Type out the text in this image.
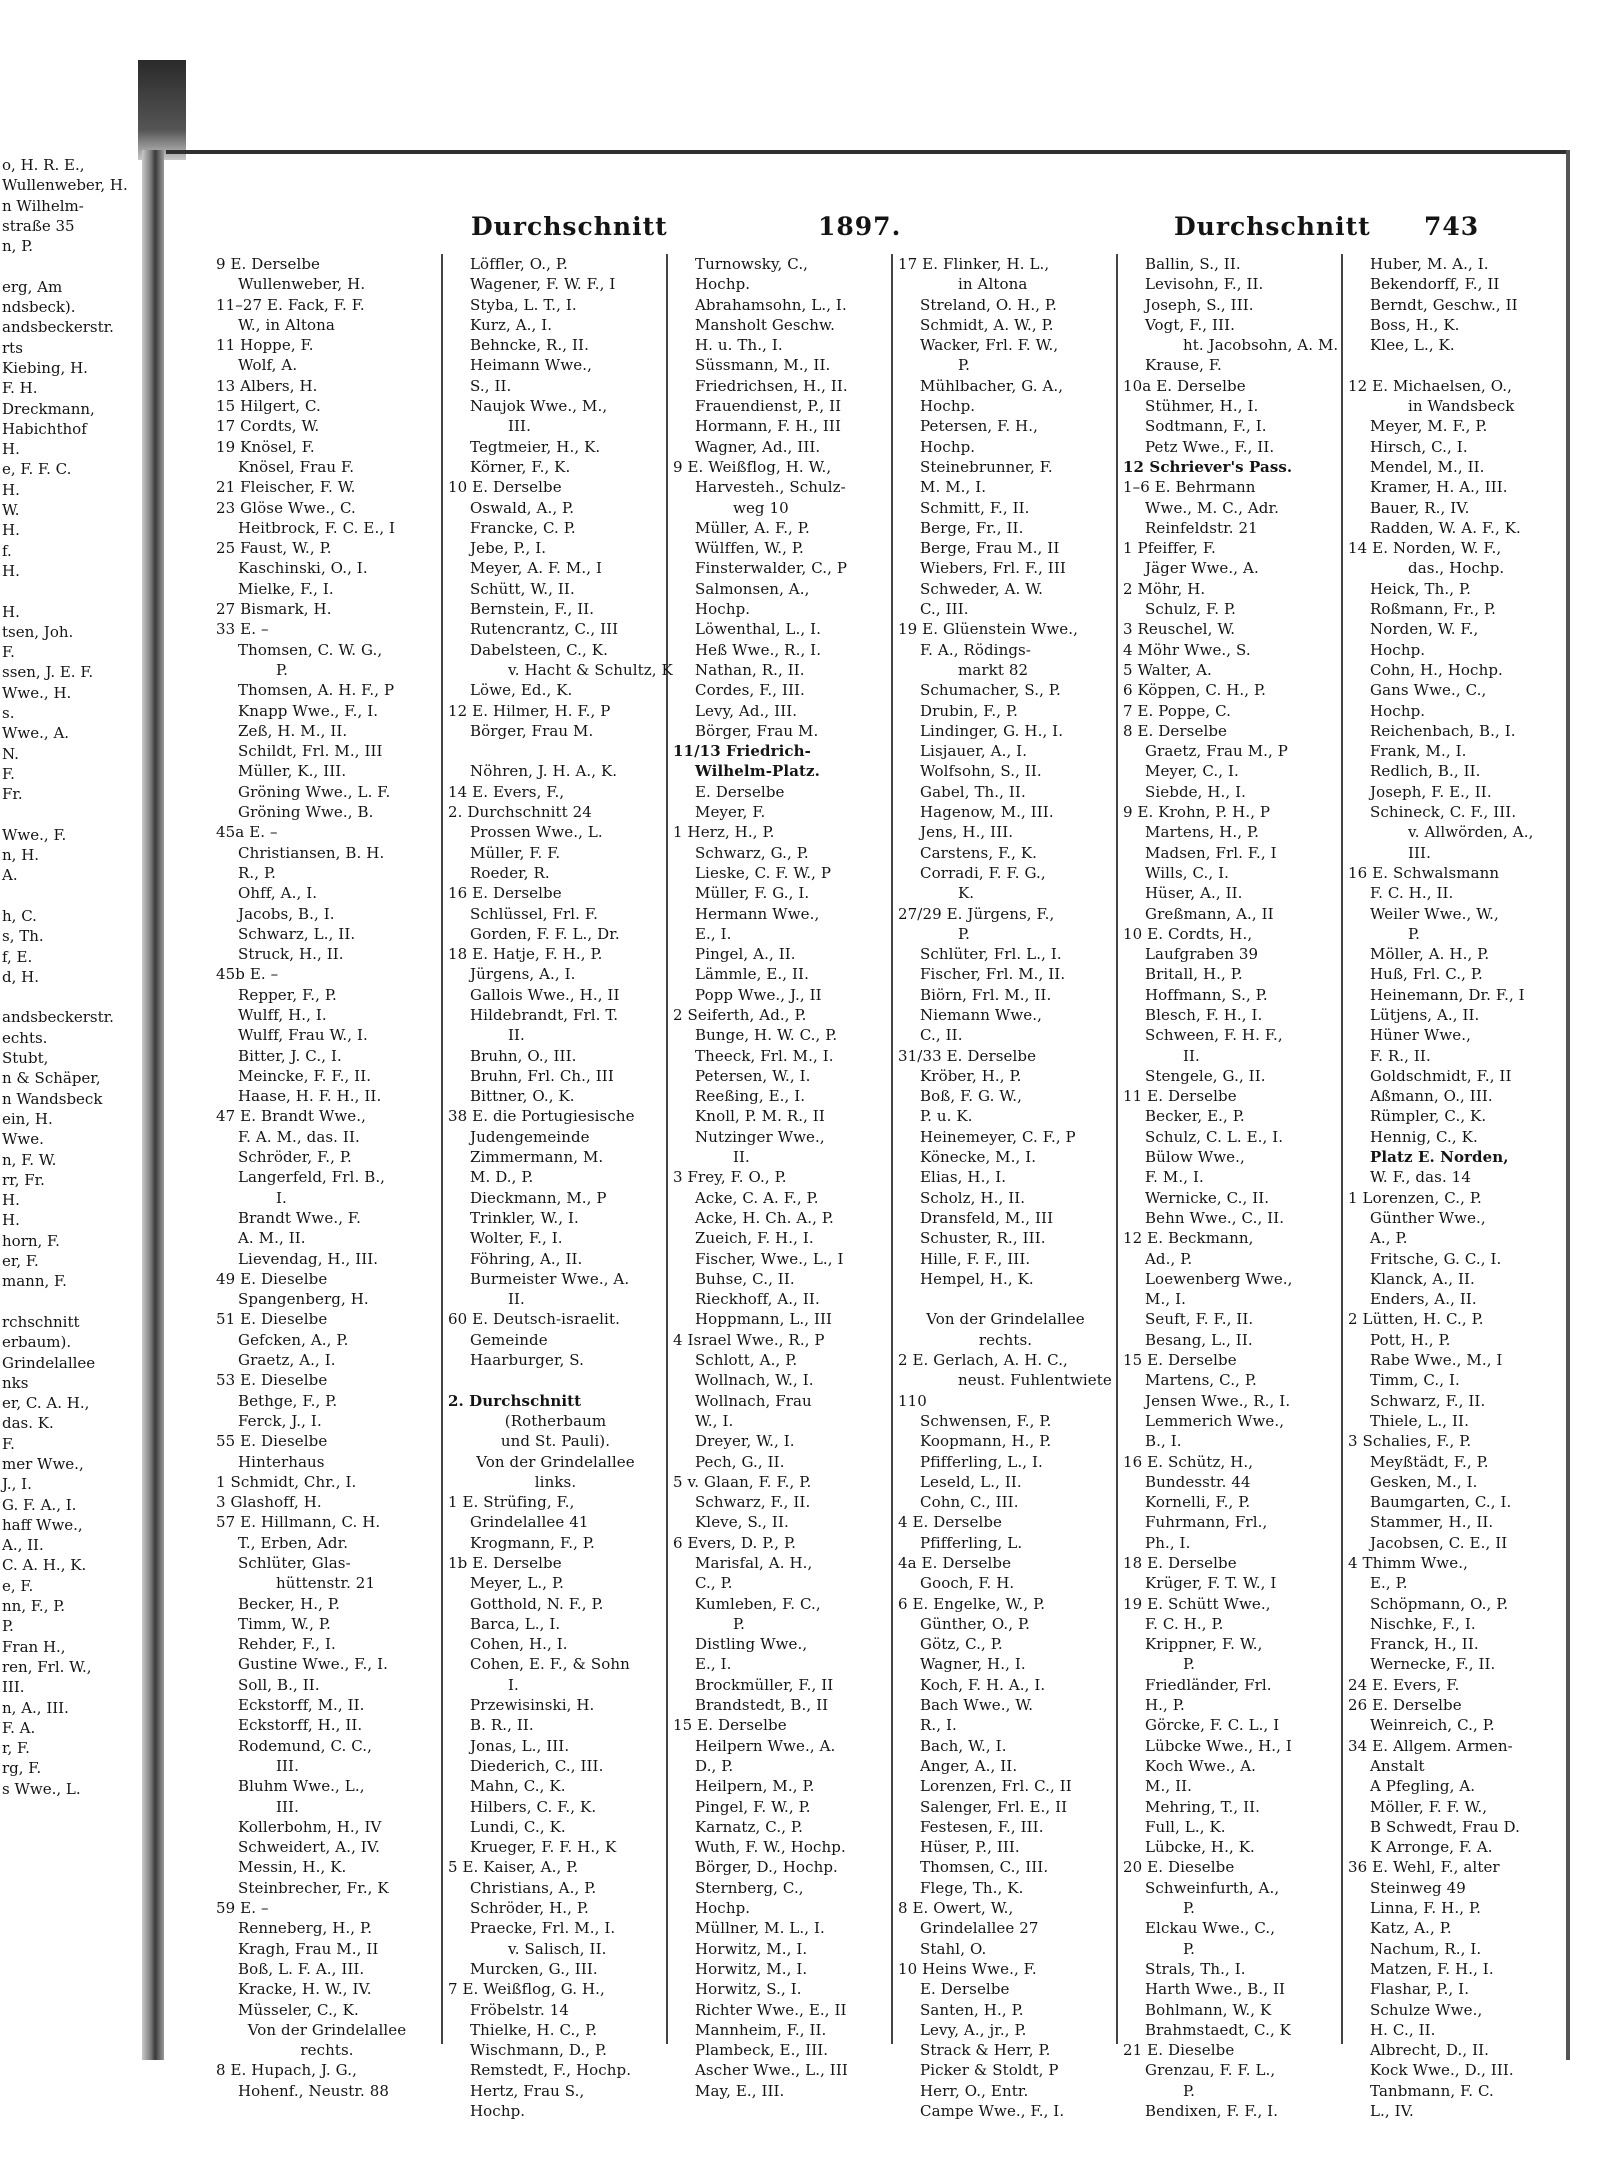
o, H. R. E.,
Wullenweber, H.
n Wilhelm-
straße 35
n, P.

erg, Am
ndsbeck).
andsbeckerstr.
rts
Kiebing, H.
F. H.
Dreckmann,
Habichthof
H.
e, F. F. C.
H.
W.
H.
f.
H.

H.
tsen, Joh.
F.
ssen, J. E. F.
Wwe., H.
s.
Wwe., A.
N.
F.
Fr.

Wwe., F.
n, H.
A.

h, C.
s, Th.
f, E.
d, H.

andsbeckerstr.
echts.
Stubt,
n & Schäper,
n Wandsbeck
ein, H.
Wwe.
n, F. W.
rr, Fr.
H.
H.
horn, F.
er, F.
mann, F.

rchschnitt
erbaum).
Grindelallee
nks
er, C. A. H.,
das. K.
F.
mer Wwe.,
J., I.
G. F. A., I.
haff Wwe.,
A., II.
C. A. H., K.
e, F.
nn, F., P.
P.
Fran H.,
ren, Frl. W.,
III.
n, A., III.
F. A.
r, F.
rg, F.
s Wwe., L.
Durchschnitt	1897.	Durchschnitt 743
9 E. Derselbe
Wullenweber, H.
11–27 E. Fack, F. F.
W., in Altona
11 Hoppe, F.
Wolf, A.
13 Albers, H.
15 Hilgert, C.
17 Cordts, W.
19 Knösel, F.
Knösel, Frau F.
21 Fleischer, F. W.
23 Glöse Wwe., C.
Heitbrock, F. C. E., I
25 Faust, W., P.
Kaschinski, O., I.
Mielke, F., I.
27 Bismark, H.
33 E. –
Thomsen, C. W. G.,
P.
Thomsen, A. H. F., P
Knapp Wwe., F., I.
Zeß, H. M., II.
Schildt, Frl. M., III
Müller, K., III.
Gröning Wwe., L. F.
Gröning Wwe., B.
45a E. –
Christiansen, B. H.
R., P.
Ohff, A., I.
Jacobs, B., I.
Schwarz, L., II.
Struck, H., II.
45b E. –
Repper, F., P.
Wulff, H., I.
Wulff, Frau W., I.
Bitter, J. C., I.
Meincke, F. F., II.
Haase, H. F. H., II.
47 E. Brandt Wwe.,
F. A. M., das. II.
Schröder, F., P.
Langerfeld, Frl. B.,
I.
Brandt Wwe., F.
A. M., II.
Lievendag, H., III.
49 E. Dieselbe
Spangenberg, H.
51 E. Dieselbe
Gefcken, A., P.
Graetz, A., I.
53 E. Dieselbe
Bethge, F., P.
Ferck, J., I.
55 E. Dieselbe
Hinterhaus
1 Schmidt, Chr., I.
3 Glashoff, H.
57 E. Hillmann, C. H.
T., Erben, Adr.
Schlüter, Glas-
hüttenstr. 21
Becker, H., P.
Timm, W., P.
Rehder, F., I.
Gustine Wwe., F., I.
Soll, B., II.
Eckstorff, M., II.
Eckstorff, H., II.
Rodemund, C. C.,
III.
Bluhm Wwe., L.,
III.
Kollerbohm, H., IV
Schweidert, A., IV.
Messin, H., K.
Steinbrecher, Fr., K
59 E. –
Renneberg, H., P.
Kragh, Frau M., II
Boß, L. F. A., III.
Kracke, H. W., IV.
Müsseler, C., K.
Von der Grindelallee
rechts.
8 E. Hupach, J. G.,
Hohenf., Neustr. 88
Löffler, O., P.
Wagener, F. W. F., I
Styba, L. T., I.
Kurz, A., I.
Behncke, R., II.
Heimann Wwe.,
S., II.
Naujok Wwe., M.,
III.
Tegtmeier, H., K.
Körner, F., K.
10 E. Derselbe
Oswald, A., P.
Francke, C. P.
Jebe, P., I.
Meyer, A. F. M., I
Schütt, W., II.
Bernstein, F., II.
Rutencrantz, C., III
Dabelsteen, C., K.
v. Hacht & Schultz, K
Löwe, Ed., K.
12 E. Hilmer, H. F., P
Börger, Frau M.

Nöhren, J. H. A., K.
14 E. Evers, F.,
2. Durchschnitt 24
Prossen Wwe., L.
Müller, F. F.
Roeder, R.
16 E. Derselbe
Schlüssel, Frl. F.
Gorden, F. F. L., Dr.
18 E. Hatje, F. H., P.
Jürgens, A., I.
Gallois Wwe., H., II
Hildebrandt, Frl. T.
II.
Bruhn, O., III.
Bruhn, Frl. Ch., III
Bittner, O., K.
38 E. die Portugiesische
Judengemeinde
Zimmermann, M.
M. D., P.
Dieckmann, M., P
Trinkler, W., I.
Wolter, F., I.
Föhring, A., II.
Burmeister Wwe., A.
II.
60 E. Deutsch-israelit.
Gemeinde
Haarburger, S.

2. Durchschnitt
(Rotherbaum
und St. Pauli).
Von der Grindelallee
links.
1 E. Strüfing, F.,
Grindelallee 41
Krogmann, F., P.
1b E. Derselbe
Meyer, L., P.
Gotthold, N. F., P.
Barca, L., I.
Cohen, H., I.
Cohen, E. F., & Sohn
I.
Przewisinski, H.
B. R., II.
Jonas, L., III.
Diederich, C., III.
Mahn, C., K.
Hilbers, C. F., K.
Lundi, C., K.
Krueger, F. F. H., K
5 E. Kaiser, A., P.
Christians, A., P.
Schröder, H., P.
Praecke, Frl. M., I.
v. Salisch, II.
Murcken, G., III.
7 E. Weißflog, G. H.,
Fröbelstr. 14
Thielke, H. C., P.
Wischmann, D., P.
Remstedt, F., Hochp.
Hertz, Frau S.,
Hochp.
Turnowsky, C.,
Hochp.
Abrahamsohn, L., I.
Mansholt Geschw.
H. u. Th., I.
Süssmann, M., II.
Friedrichsen, H., II.
Frauendienst, P., II
Hormann, F. H., III
Wagner, Ad., III.
9 E. Weißflog, H. W.,
Harvesteh., Schulz-
weg 10
Müller, A. F., P.
Wülffen, W., P.
Finsterwalder, C., P
Salmonsen, A.,
Hochp.
Löwenthal, L., I.
Heß Wwe., R., I.
Nathan, R., II.
Cordes, F., III.
Levy, Ad., III.
Börger, Frau M.
11/13 Friedrich-
Wilhelm-Platz.
E. Derselbe
Meyer, F.
1 Herz, H., P.
Schwarz, G., P.
Lieske, C. F. W., P
Müller, F. G., I.
Hermann Wwe.,
E., I.
Pingel, A., II.
Lämmle, E., II.
Popp Wwe., J., II
2 Seiferth, Ad., P.
Bunge, H. W. C., P.
Theeck, Frl. M., I.
Petersen, W., I.
Reeßing, E., I.
Knoll, P. M. R., II
Nutzinger Wwe.,
II.
3 Frey, F. O., P.
Acke, C. A. F., P.
Acke, H. Ch. A., P.
Zueich, F. H., I.
Fischer, Wwe., L., I
Buhse, C., II.
Rieckhoff, A., II.
Hoppmann, L., III
4 Israel Wwe., R., P
Schlott, A., P.
Wollnach, W., I.
Wollnach, Frau
W., I.
Dreyer, W., I.
Pech, G., II.
5 v. Glaan, F. F., P.
Schwarz, F., II.
Kleve, S., II.
6 Evers, D. P., P.
Marisfal, A. H.,
C., P.
Kumleben, F. C.,
P.
Distling Wwe.,
E., I.
Brockmüller, F., II
Brandstedt, B., II
15 E. Derselbe
Heilpern Wwe., A.
D., P.
Heilpern, M., P.
Pingel, F. W., P.
Karnatz, C., P.
Wuth, F. W., Hochp.
Börger, D., Hochp.
Sternberg, C.,
Hochp.
Müllner, M. L., I.
Horwitz, M., I.
Horwitz, M., I.
Horwitz, S., I.
Richter Wwe., E., II
Mannheim, F., II.
Plambeck, E., III.
Ascher Wwe., L., III
May, E., III.
17 E. Flinker, H. L.,
in Altona
Streland, O. H., P.
Schmidt, A. W., P.
Wacker, Frl. F. W.,
P.
Mühlbacher, G. A.,
Hochp.
Petersen, F. H.,
Hochp.
Steinebrunner, F.
M. M., I.
Schmitt, F., II.
Berge, Fr., II.
Berge, Frau M., II
Wiebers, Frl. F., III
Schweder, A. W.
C., III.
19 E. Glüenstein Wwe.,
F. A., Rödings-
markt 82
Schumacher, S., P.
Drubin, F., P.
Lindinger, G. H., I.
Lisjauer, A., I.
Wolfsohn, S., II.
Gabel, Th., II.
Hagenow, M., III.
Jens, H., III.
Carstens, F., K.
Corradi, F. F. G.,
K.
27/29 E. Jürgens, F.,
P.
Schlüter, Frl. L., I.
Fischer, Frl. M., II.
Biörn, Frl. M., II.
Niemann Wwe.,
C., II.
31/33 E. Derselbe
Kröber, H., P.
Boß, F. G. W.,
P. u. K.
Heinemeyer, C. F., P
Könecke, M., I.
Elias, H., I.
Scholz, H., II.
Dransfeld, M., III
Schuster, R., III.
Hille, F. F., III.
Hempel, H., K.

Von der Grindelallee
rechts.
2 E. Gerlach, A. H. C.,
neust. Fuhlentwiete
110
Schwensen, F., P.
Koopmann, H., P.
Pfifferling, L., I.
Leseld, L., II.
Cohn, C., III.
4 E. Derselbe
Pfifferling, L.
4a E. Derselbe
Gooch, F. H.
6 E. Engelke, W., P.
Günther, O., P.
Götz, C., P.
Wagner, H., I.
Koch, F. H. A., I.
Bach Wwe., W.
R., I.
Bach, W., I.
Anger, A., II.
Lorenzen, Frl. C., II
Salenger, Frl. E., II
Festesen, F., III.
Hüser, P., III.
Thomsen, C., III.
Flege, Th., K.
8 E. Owert, W.,
Grindelallee 27
Stahl, O.
10 Heins Wwe., F.
E. Derselbe
Santen, H., P.
Levy, A., jr., P.
Strack & Herr, P.
Picker & Stoldt, P
Herr, O., Entr.
Campe Wwe., F., I.
Ballin, S., II.
Levisohn, F., II.
Joseph, S., III.
Vogt, F., III.
ht. Jacobsohn, A. M.
Krause, F.
10a E. Derselbe
Stühmer, H., I.
Sodtmann, F., I.
Petz Wwe., F., II.
12 Schriever's Pass.
1–6 E. Behrmann
Wwe., M. C., Adr.
Reinfeldstr. 21
1 Pfeiffer, F.
Jäger Wwe., A.
2 Möhr, H.
Schulz, F. P.
3 Reuschel, W.
4 Möhr Wwe., S.
5 Walter, A.
6 Köppen, C. H., P.
7 E. Poppe, C.
8 E. Derselbe
Graetz, Frau M., P
Meyer, C., I.
Siebde, H., I.
9 E. Krohn, P. H., P
Martens, H., P.
Madsen, Frl. F., I
Wills, C., I.
Hüser, A., II.
Greßmann, A., II
10 E. Cordts, H.,
Laufgraben 39
Britall, H., P.
Hoffmann, S., P.
Blesch, F. H., I.
Schween, F. H. F.,
II.
Stengele, G., II.
11 E. Derselbe
Becker, E., P.
Schulz, C. L. E., I.
Bülow Wwe.,
F. M., I.
Wernicke, C., II.
Behn Wwe., C., II.
12 E. Beckmann,
Ad., P.
Loewenberg Wwe.,
M., I.
Seuft, F. F., II.
Besang, L., II.
15 E. Derselbe
Martens, C., P.
Jensen Wwe., R., I.
Lemmerich Wwe.,
B., I.
16 E. Schütz, H.,
Bundesstr. 44
Kornelli, F., P.
Fuhrmann, Frl.,
Ph., I.
18 E. Derselbe
Krüger, F. T. W., I
19 E. Schütt Wwe.,
F. C. H., P.
Krippner, F. W.,
P.
Friedländer, Frl.
H., P.
Görcke, F. C. L., I
Lübcke Wwe., H., I
Koch Wwe., A.
M., II.
Mehring, T., II.
Full, L., K.
Lübcke, H., K.
20 E. Dieselbe
Schweinfurth, A.,
P.
Elckau Wwe., C.,
P.
Strals, Th., I.
Harth Wwe., B., II
Bohlmann, W., K
Brahmstaedt, C., K
21 E. Dieselbe
Grenzau, F. F. L.,
P.
Bendixen, F. F., I.
Huber, M. A., I.
Bekendorff, F., II
Berndt, Geschw., II
Boss, H., K.
Klee, L., K.

12 E. Michaelsen, O.,
in Wandsbeck
Meyer, M. F., P.
Hirsch, C., I.
Mendel, M., II.
Kramer, H. A., III.
Bauer, R., IV.
Radden, W. A. F., K.
14 E. Norden, W. F.,
das., Hochp.
Heick, Th., P.
Roßmann, Fr., P.
Norden, W. F.,
Hochp.
Cohn, H., Hochp.
Gans Wwe., C.,
Hochp.
Reichenbach, B., I.
Frank, M., I.
Redlich, B., II.
Joseph, F. E., II.
Schineck, C. F., III.
v. Allwörden, A.,
III.
16 E. Schwalsmann
F. C. H., II.
Weiler Wwe., W.,
P.
Möller, A. H., P.
Huß, Frl. C., P.
Heinemann, Dr. F., I
Lütjens, A., II.
Hüner Wwe.,
F. R., II.
Goldschmidt, F., II
Aßmann, O., III.
Rümpler, C., K.
Hennig, C., K.
Platz E. Norden,
W. F., das. 14
1 Lorenzen, C., P.
Günther Wwe.,
A., P.
Fritsche, G. C., I.
Klanck, A., II.
Enders, A., II.
2 Lütten, H. C., P.
Pott, H., P.
Rabe Wwe., M., I
Timm, C., I.
Schwarz, F., II.
Thiele, L., II.
3 Schalies, F., P.
Meyßtädt, F., P.
Gesken, M., I.
Baumgarten, C., I.
Stammer, H., II.
Jacobsen, C. E., II
4 Thimm Wwe.,
E., P.
Schöpmann, O., P.
Nischke, F., I.
Franck, H., II.
Wernecke, F., II.
24 E. Evers, F.
26 E. Derselbe
Weinreich, C., P.
34 E. Allgem. Armen-
Anstalt
A Pfegling, A.
Möller, F. F. W.,
B Schwedt, Frau D.
K Arronge, F. A.
36 E. Wehl, F., alter
Steinweg 49
Linna, F. H., P.
Katz, A., P.
Nachum, R., I.
Matzen, F. H., I.
Flashar, P., I.
Schulze Wwe.,
H. C., II.
Albrecht, D., II.
Kock Wwe., D., III.
Tanbmann, F. C.
L., IV.
